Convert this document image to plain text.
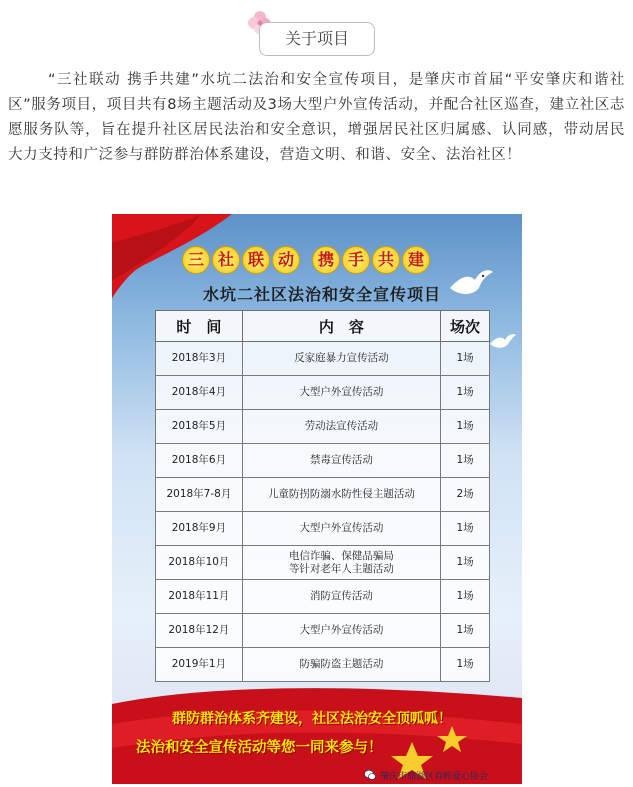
关于项目

“三社联动 携手共建”水坑二法治和安全宣传项目，是肇庆市首届“平安肇庆和谐社区”服务项目，项目共有8场主题活动及3场大型户外宣传活动，并配合社区巡查，建立社区志愿服务队等，旨在提升社区居民法治和安全意识，增强居民社区归属感、认同感，带动居民大力支持和广泛参与群防群治体系建设，营造文明、和谐、安全、法治社区！

三 社 联 动	携 手 共 建
水坑二社区法治和安全宣传项目
时　间	内　容	场次
2018年3月	反家庭暴力宣传活动	1场
2018年4月	大型户外宣传活动	1场
2018年5月	劳动法宣传活动	1场
2018年6月	禁毒宣传活动	1场
2018年7-8月	儿童防拐防溺水防性侵主题活动	2场
2018年9月	大型户外宣传活动	1场
2018年10月	电信诈骗、保健品骗局
等针对老年人主题活动	1场
2018年11月	消防宣传活动	1场
2018年12月	大型户外宣传活动	1场
2019年1月	防骗防盗主题活动	1场
群防群治体系齐建设，社区法治安全顶呱呱！
法治和安全宣传活动等您一同来参与！
肇庆市鼎湖区春晖爱心协会
